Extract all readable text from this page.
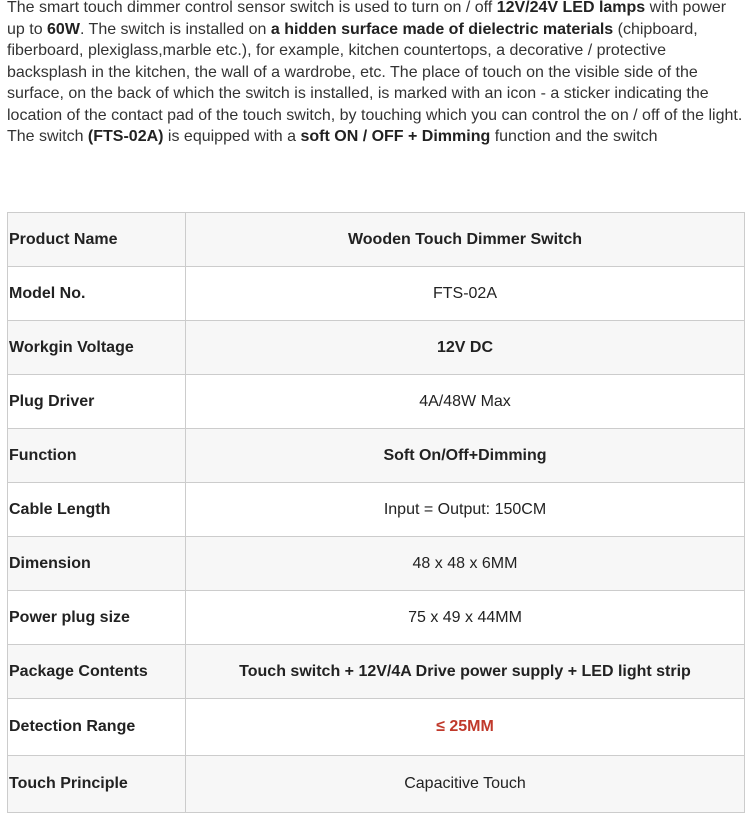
The smart touch dimmer control sensor switch is used to turn on / off 12V/24V LED lamps with power up to 60W. The switch is installed on a hidden surface made of dielectric materials (chipboard, fiberboard, plexiglass,marble etc.), for example, kitchen countertops, a decorative / protective

backsplash in the kitchen, the wall of a wardrobe, etc. The place of touch on the visible side of the surface, on the back of which the switch is installed, is marked with an icon - a sticker indicating the location of the contact pad of the touch switch, by touching which you can control the on / off of the light.

The switch (FTS-02A) is equipped with a soft ON / OFF + Dimming function and the switch

Product Name	Wooden Touch Dimmer Switch
Model No.	FTS-02A
Workgin Voltage	12V DC
Plug Driver	4A/48W Max
Function	Soft On/Off+Dimming
Cable Length	Input = Output: 150CM
Dimension	48 x 48 x 6MM
Power plug size	75 x 49 x 44MM
Package Contents	Touch switch + 12V/4A Drive power supply + LED light strip
Detection Range	≤ 25MM
Touch Principle	Capacitive Touch
